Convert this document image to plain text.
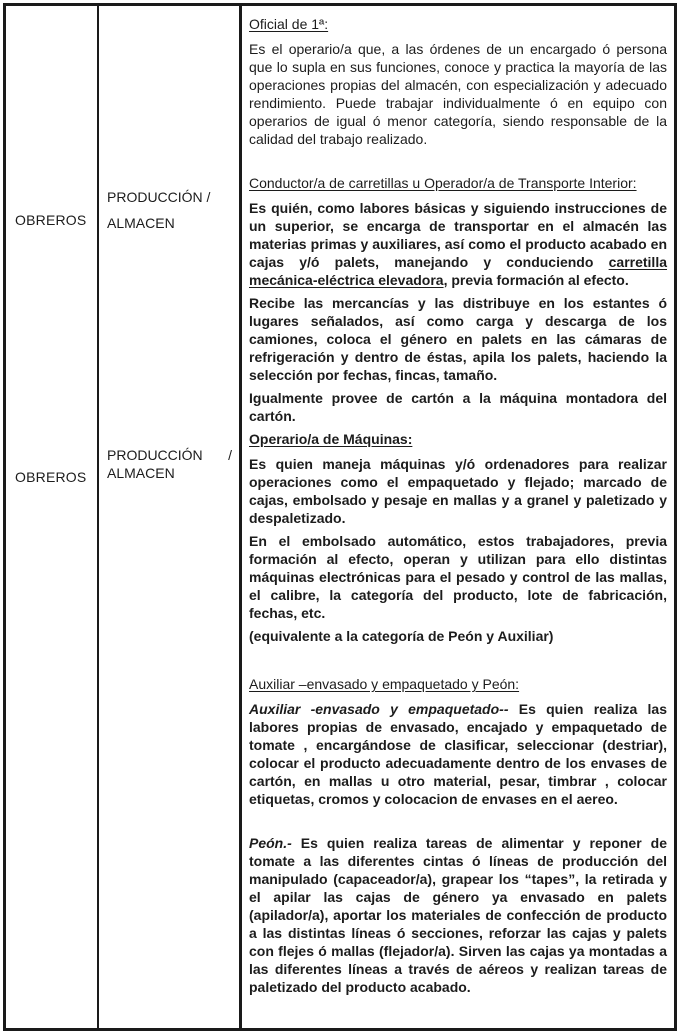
OBREROS
OBREROS
PRODUCCIÓN /
ALMACEN
PRODUCCIÓN /
ALMACEN
Oficial de 1ª:

Es el operario/a que, a las órdenes de un encargado ó persona que lo supla en sus funciones, conoce y practica la mayoría de las operaciones propias del almacén, con especialización y adecuado rendimiento. Puede trabajar individualmente ó en equipo con operarios de igual ó menor categoría, siendo responsable de la calidad del trabajo realizado.

Conductor/a de carretillas u Operador/a de Transporte Interior:

Es quién, como labores básicas y siguiendo instrucciones de un superior, se encarga de transportar en el almacén las materias primas y auxiliares, así como el producto acabado en cajas y/ó palets, manejando y conduciendo carretilla mecánica-eléctrica elevadora, previa formación al efecto.

Recibe las mercancías y las distribuye en los estantes ó lugares señalados, así como carga y descarga de los camiones, coloca el género en palets en las cámaras de refrigeración y dentro de éstas, apila los palets, haciendo la selección por fechas, fincas, tamaño.

Igualmente provee de cartón a la máquina montadora del cartón.

Operario/a de Máquinas:

Es quien maneja máquinas y/ó ordenadores para realizar operaciones como el empaquetado y flejado; marcado de cajas, embolsado y pesaje en mallas y a granel y paletizado y despaletizado.

En el embolsado automático, estos trabajadores, previa formación al efecto, operan y utilizan para ello distintas máquinas electrónicas para el pesado y control de las mallas, el calibre, la categoría del producto, lote de fabricación, fechas, etc.

(equivalente a la categoría de Peón y Auxiliar)

Auxiliar –envasado y empaquetado y Peón:

Auxiliar -envasado y empaquetado-- Es quien realiza las labores propias de envasado, encajado y empaquetado de tomate , encargándose de clasificar, seleccionar (destriar), colocar el producto adecuadamente dentro de los envases de cartón, en mallas u otro material, pesar, timbrar , colocar etiquetas, cromos y colocacion de envases en el aereo.

Peón.- Es quien realiza tareas de alimentar y reponer de tomate a las diferentes cintas ó líneas de producción del manipulado (capaceador/a), grapear los “tapes”, la retirada y el apilar las cajas de género ya envasado en palets (apilador/a), aportar los materiales de confección de producto a las distintas líneas ó secciones, reforzar las cajas y palets con flejes ó mallas (flejador/a). Sirven las cajas ya montadas a las diferentes líneas a través de aéreos y realizan tareas de paletizado del producto acabado.
